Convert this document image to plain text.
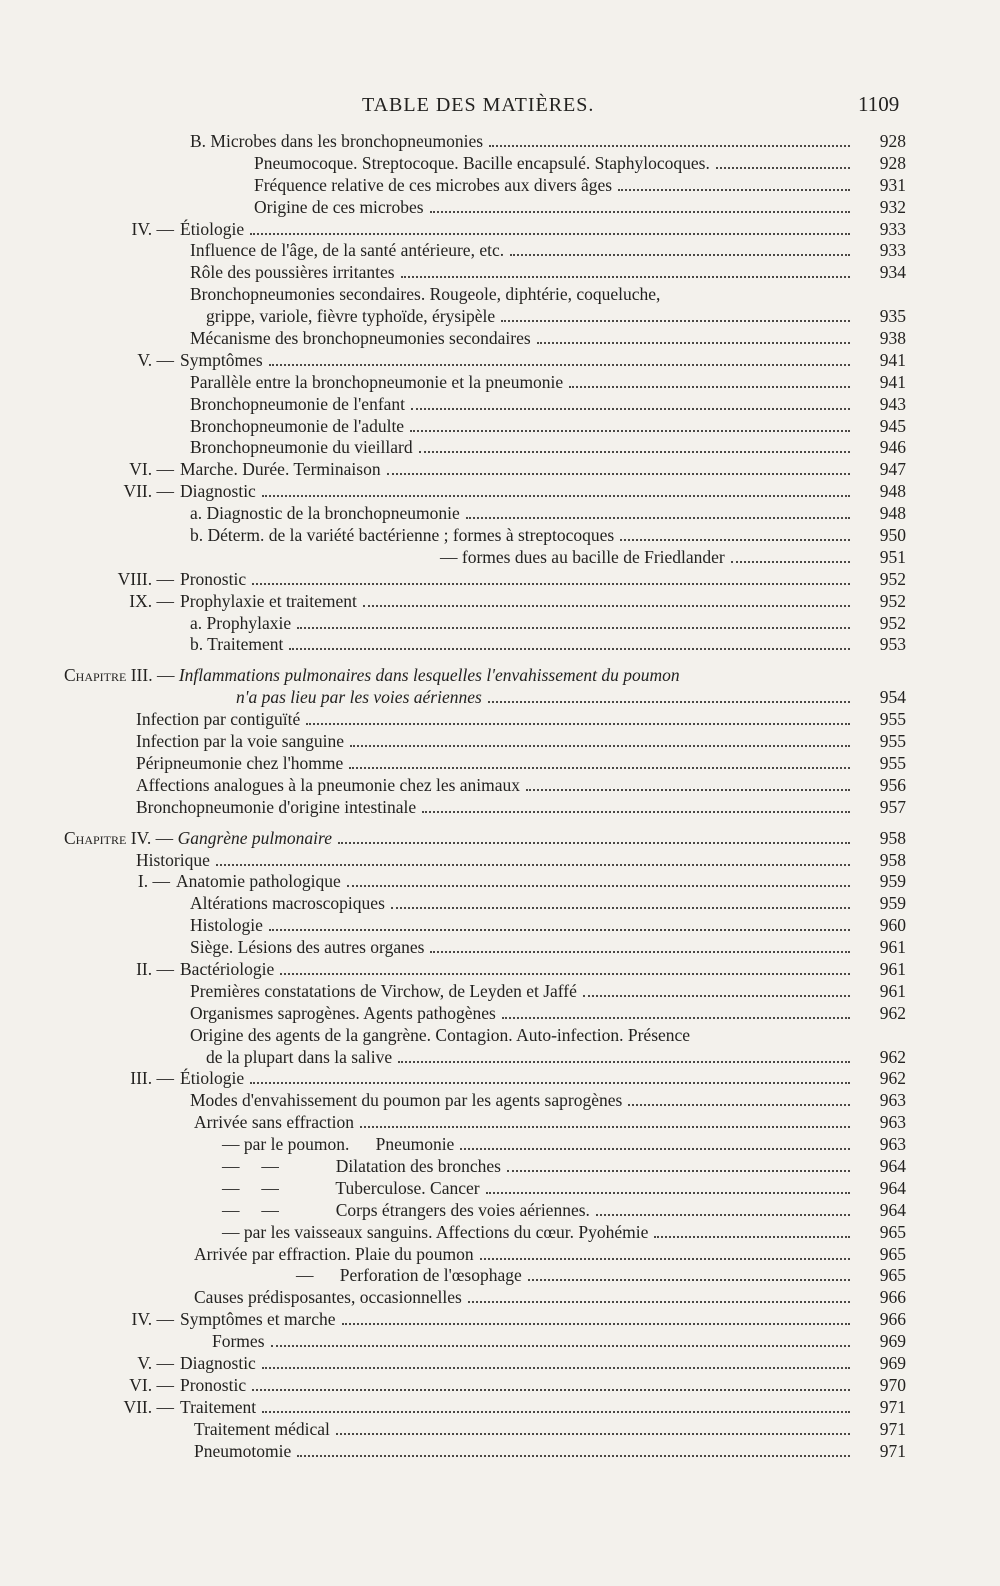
TABLE DES MATIÈRES.	1109
B. Microbes dans les bronchopneumonies	928
Pneumocoque. Streptocoque. Bacille encapsulé. Staphylocoques.	928
Fréquence relative de ces microbes aux divers âges	931
Origine de ces microbes	932
IV. — Étiologie	933
Influence de l'âge, de la santé antérieure, etc.	933
Rôle des poussières irritantes	934
Bronchopneumonies secondaires. Rougeole, diphtérie, coqueluche,
grippe, variole, fièvre typhoïde, érysipèle	935
Mécanisme des bronchopneumonies secondaires	938
V. — Symptômes	941
Parallèle entre la bronchopneumonie et la pneumonie	941
Bronchopneumonie de l'enfant	943
Bronchopneumonie de l'adulte	945
Bronchopneumonie du vieillard	946
VI. — Marche. Durée. Terminaison	947
VII. — Diagnostic	948
a. Diagnostic de la bronchopneumonie	948
b. Déterm. de la variété bactérienne ; formes à streptocoques	950
— formes dues au bacille de Friedlander	951
VIII. — Pronostic	952
IX. — Prophylaxie et traitement	952
a. Prophylaxie	952
b. Traitement	953
Chapitre III. — Inflammations pulmonaires dans lesquelles l'envahissement du poumon
n'a pas lieu par les voies aériennes	954
Infection par contiguïté	955
Infection par la voie sanguine	955
Péripneumonie chez l'homme	955
Affections analogues à la pneumonie chez les animaux	956
Bronchopneumonie d'origine intestinale	957
Chapitre IV. — Gangrène pulmonaire	958
Historique	958
I. — Anatomie pathologique	959
Altérations macroscopiques	959
Histologie	960
Siège. Lésions des autres organes	961
II. — Bactériologie	961
Premières constatations de Virchow, de Leyden et Jaffé	961
Organismes saprogènes. Agents pathogènes	962
Origine des agents de la gangrène. Contagion. Auto-infection. Présence
de la plupart dans la salive	962
III. — Étiologie	962
Modes d'envahissement du poumon par les agents saprogènes	963
Arrivée sans effraction	963
— par le poumon.      Pneumonie	963
—     —             Dilatation des bronches	964
—     —             Tuberculose. Cancer	964
—     —             Corps étrangers des voies aériennes.	964
— par les vaisseaux sanguins. Affections du cœur. Pyohémie	965
Arrivée par effraction. Plaie du poumon	965
—      Perforation de l'œsophage	965
Causes prédisposantes, occasionnelles	966
IV. — Symptômes et marche	966
Formes	969
V. — Diagnostic	969
VI. — Pronostic	970
VII. — Traitement	971
Traitement médical	971
Pneumotomie	971
